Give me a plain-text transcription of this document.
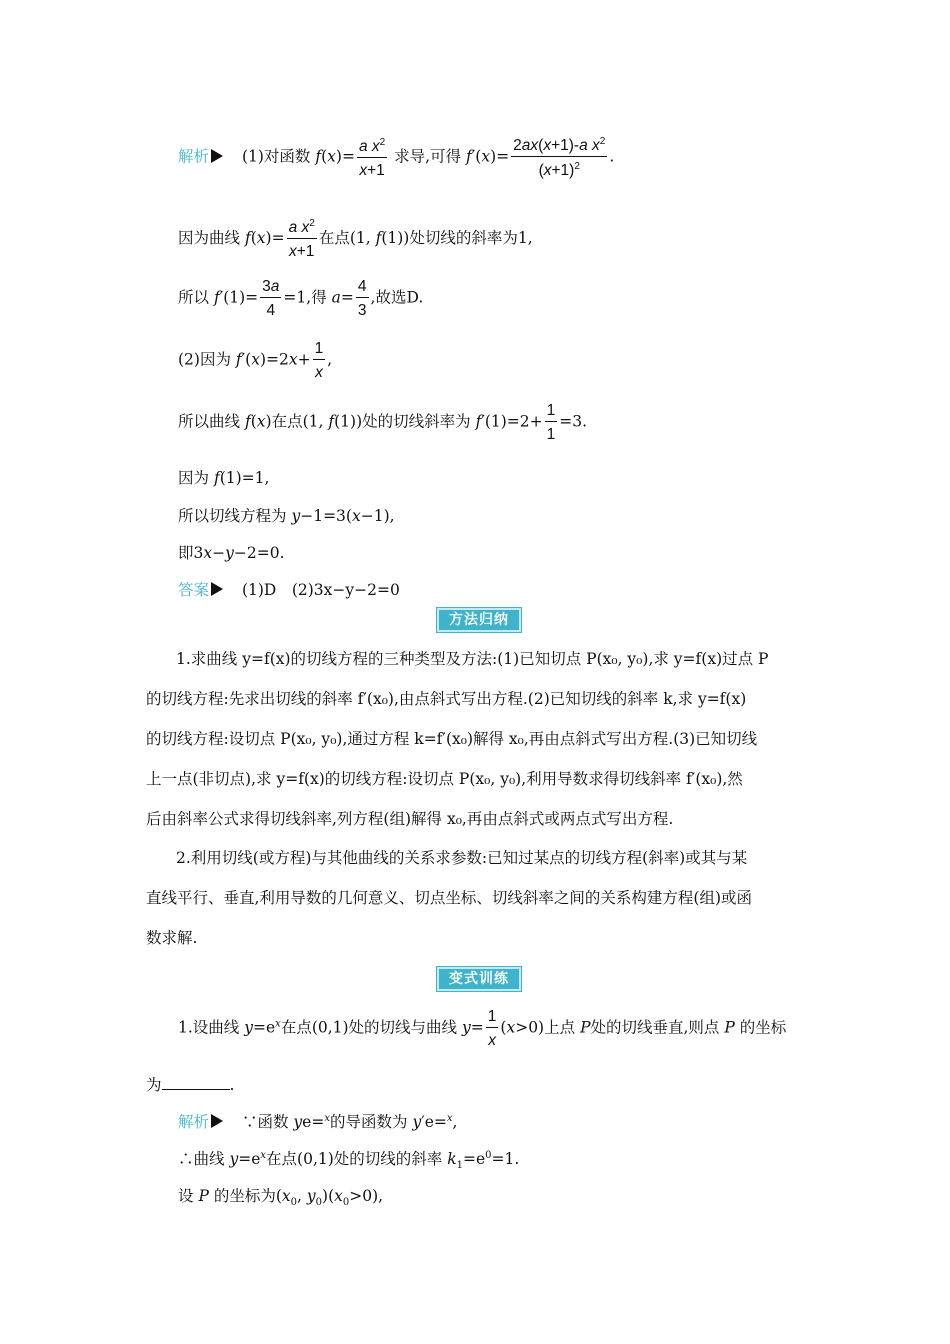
解析 (1)对函数 $f(x)= \frac{a x^2}{x+1}$ 求导,可得 $f'(x)= \frac{2ax(x+1)-a x^2}{(x+1)^2}$ .
因为曲线 $f(x)= \frac{a x^2}{x+1}$ 在点(1, f(1))处切线的斜率为1,
所以 $f'(1)= \frac{3a}{4} =1$,得 $a= \frac{4}{3}$ ,故选D.
(2)因为 $f'(x)=2x+ \frac{1}{x}$ ,
所以曲线 f(x)在点(1, f(1))处的切线斜率为 $f'(1)=2+ \frac{1}{1} =3$.
因为 f(1)=1,
所以切线方程为 y−1=3(x−1),
即3x−y−2=0.
答案 (1)D　(2)3x−y−2=0
方法归纳
1.求曲线 y=f(x)的切线方程的三种类型及方法:(1)已知切点 P(x₀, y₀),求 y=f(x)过点 P
的切线方程:先求出切线的斜率 f′(x₀),由点斜式写出方程.(2)已知切线的斜率 k,求 y=f(x)
的切线方程:设切点 P(x₀, y₀),通过方程 k=f′(x₀)解得 x₀,再由点斜式写出方程.(3)已知切线
上一点(非切点),求 y=f(x)的切线方程:设切点 P(x₀, y₀),利用导数求得切线斜率 f′(x₀),然
后由斜率公式求得切线斜率,列方程(组)解得 x₀,再由点斜式或两点式写出方程.
2.利用切线(或方程)与其他曲线的关系求参数:已知过某点的切线方程(斜率)或其与某
直线平行、垂直,利用导数的几何意义、切点坐标、切线斜率之间的关系构建方程(组)或函
数求解.
变式训练
1.设曲线 $y=e^x$在点(0,1)处的切线与曲线 $y= \frac{1}{x} (x>0)$上点 P处的切线垂直,则点 P 的坐标
为	.
解析 ∵函数 ye=$^x$的导函数为 y′e=$^x$,
∴曲线 $y=e^x$在点(0,1)处的切线的斜率 $k_1=e^0=1$.
设 P 的坐标为($x_0$, $y_0)(x_0>0)$,
